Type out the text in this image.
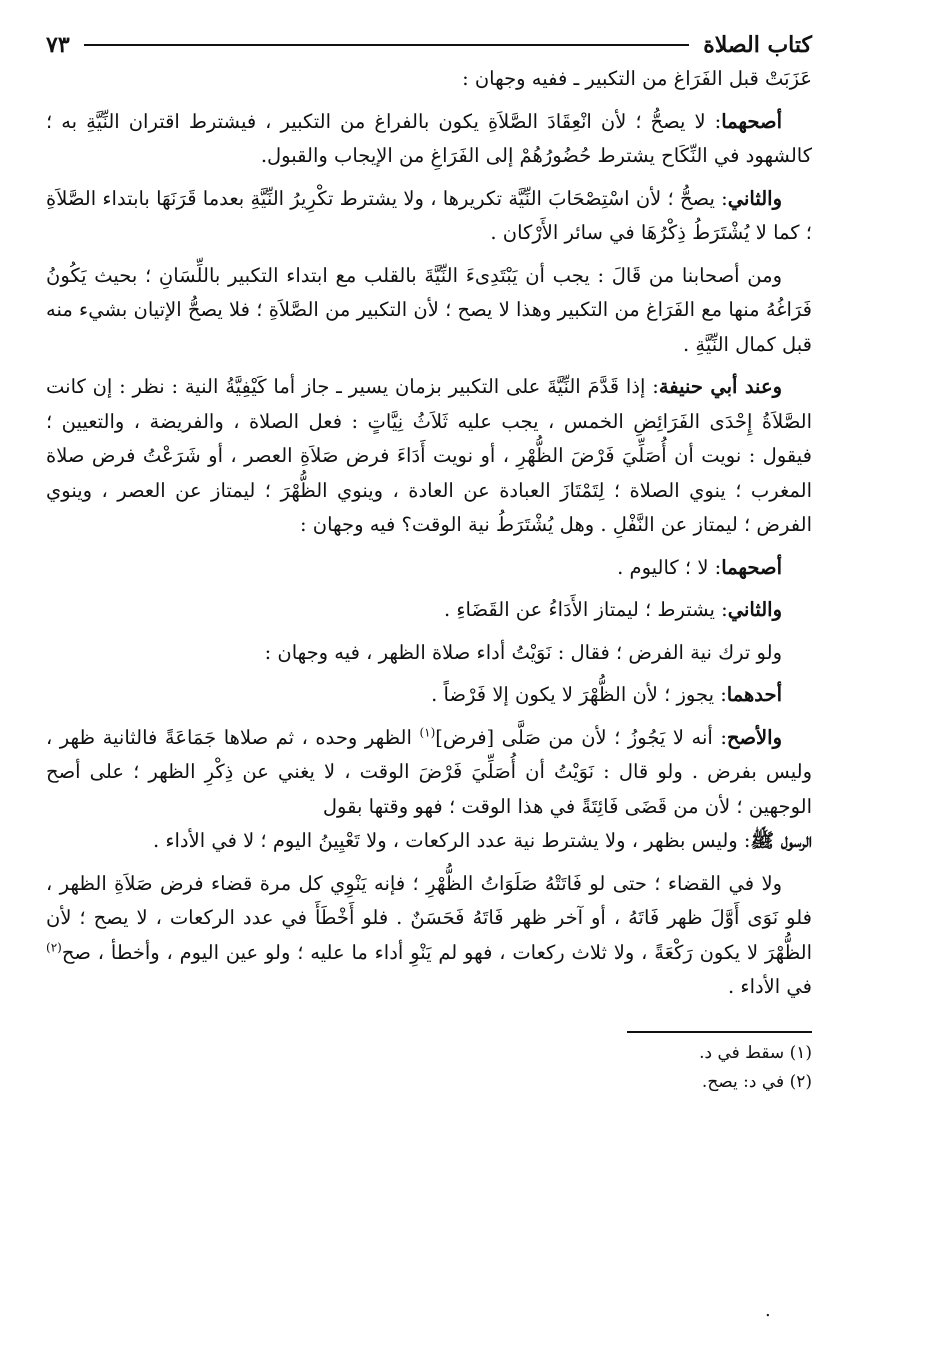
كتاب الصلاة
٧٣

عَزَبَتْ قبل الفَرَاغ من التكبير ـ ففيه وجهان :

أصحهما: لا يصحُّ ؛ لأن انْعِقَادَ الصَّلاَةِ يكون بالفراغ من التكبير ، فيشترط اقتران النِّيَّةِ به ؛ كالشهود في النِّكَاح يشترط حُضُورُهُمْ إلى الفَرَاغِ من الإيجاب والقبول.

والثاني: يصحُّ ؛ لأن اسْتِصْحَابَ النِّيَّة تكريرها ، ولا يشترط تكْرِيرُ النِّيَّةِ بعدما قَرَنَهَا بابتداء الصَّلاَةِ ؛ كما لا يُشْتَرَطُ ذِكْرُهَا في سائر الأَرْكان .

ومن أصحابنا من قَالَ : يجب أن يَبْتَدِىءَ النِّيَّةَ بالقلب مع ابتداء التكبير باللِّسَانِ ؛ بحيث يَكُونُ فَرَاغُهُ منها مع الفَرَاغ من التكبير وهذا لا يصح ؛ لأن التكبير من الصَّلاَةِ ؛ فلا يصحُّ الإتيان بشيء منه قبل كمال النِّيَّةِ .

وعند أبي حنيفة: إذا قَدَّمَ النِّيَّةَ على التكبير بزمان يسير ـ جاز أما كَيْفِيَّةُ النية : نظر : إن كانت الصَّلاَةُ إِحْدَى الفَرَائِضِ الخمس ، يجب عليه ثَلاَثُ نِيَّاتٍ : فعل الصلاة ، والفريضة ، والتعيين ؛ فيقول : نويت أن أُصَلِّيَ فَرْضَ الظُّهْرِ ، أو نويت أَدَاءَ فرض صَلاَةِ العصر ، أو شَرَعْتُ فرض صلاة المغرب ؛ ينوي الصلاة ؛ لِتَمْتَازَ العبادة عن العادة ، وينوي الظُّهْرَ ؛ ليمتاز عن العصر ، وينوي الفرض ؛ ليمتاز عن النَّفْلِ . وهل يُشْتَرَطُ نية الوقت؟ فيه وجهان :

أصحهما: لا ؛ كاليوم .

والثاني: يشترط ؛ ليمتاز الأَدَاءُ عن القَضَاءِ .

ولو ترك نية الفرض ؛ فقال : نَوَيْتُ أداء صلاة الظهر ، فيه وجهان :

أحدهما: يجوز ؛ لأن الظُّهْرَ لا يكون إلا فَرْضاً .

والأصح: أنه لا يَجُوزُ ؛ لأن من صَلَّى [فرض]$^{(١)}$ الظهر وحده ، ثم صلاها جَمَاعَةً فالثانية ظهر ، وليس بفرض . ولو قال : نَوَيْتُ أن أُصَلِّيَ فَرْضَ الوقت ، لا يغني عن ذِكْرِ الظهر ؛ على أصح الوجهين ؛ لأن من قَضَى فَائِتَةً في هذا الوقت ؛ فهو وقتها بقول

الرسول ﷺ: وليس بظهر ، ولا يشترط نية عدد الركعات ، ولا تَعْيِينُ اليوم ؛ لا في الأداء .

ولا في القضاء ؛ حتى لو فَاتَتْهُ صَلَوَاتُ الظُّهْرِ ؛ فإنه يَنْوِي كل مرة قضاء فرض صَلاَةِ الظهر ، فلو نَوَى أَوَّلَ ظهر فَاتَهُ ، أو آخر ظهر فَاتَهُ فَحَسَنٌ . فلو أَخْطَأَ في عدد الركعات ، لا يصح ؛ لأن الظُّهْرَ لا يكون رَكْعَةً ، ولا ثلاث ركعات ، فهو لم يَنْوِ أداء ما عليه ؛ ولو عين اليوم ، وأخطأ ، صح$^{(٢)}$ في الأداء .

(١) سقط في د.
(٢) في د: يصح.
.
